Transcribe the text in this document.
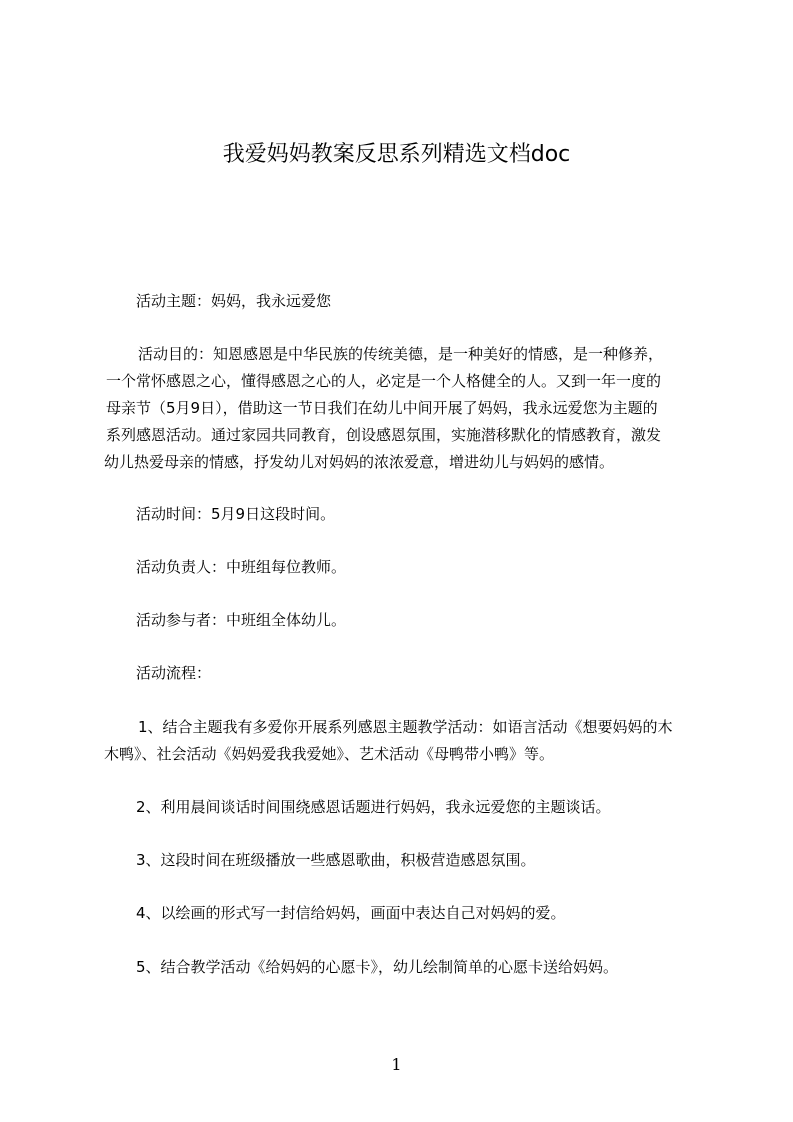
我爱妈妈教案反思系列精选文档doc
活动主题：妈妈，我永远爱您
活动目的：知恩感恩是中华民族的传统美德，是一种美好的情感，是一种修养，
一个常怀感恩之心，懂得感恩之心的人，必定是一个人格健全的人。又到一年一度的
母亲节（5月9日），借助这一节日我们在幼儿中间开展了妈妈，我永远爱您为主题的
系列感恩活动。通过家园共同教育，创设感恩氛围，实施潜移默化的情感教育，激发
幼儿热爱母亲的情感，抒发幼儿对妈妈的浓浓爱意，增进幼儿与妈妈的感情。
活动时间：5月9日这段时间。
活动负责人：中班组每位教师。
活动参与者：中班组全体幼儿。
活动流程：
1、结合主题我有多爱你开展系列感恩主题教学活动：如语言活动《想要妈妈的木
木鸭》、社会活动《妈妈爱我我爱她》、艺术活动《母鸭带小鸭》等。
2、利用晨间谈话时间围绕感恩话题进行妈妈，我永远爱您的主题谈话。
3、这段时间在班级播放一些感恩歌曲，积极营造感恩氛围。
4、以绘画的形式写一封信给妈妈，画面中表达自己对妈妈的爱。
5、结合教学活动《给妈妈的心愿卡》，幼儿绘制简单的心愿卡送给妈妈。
1
